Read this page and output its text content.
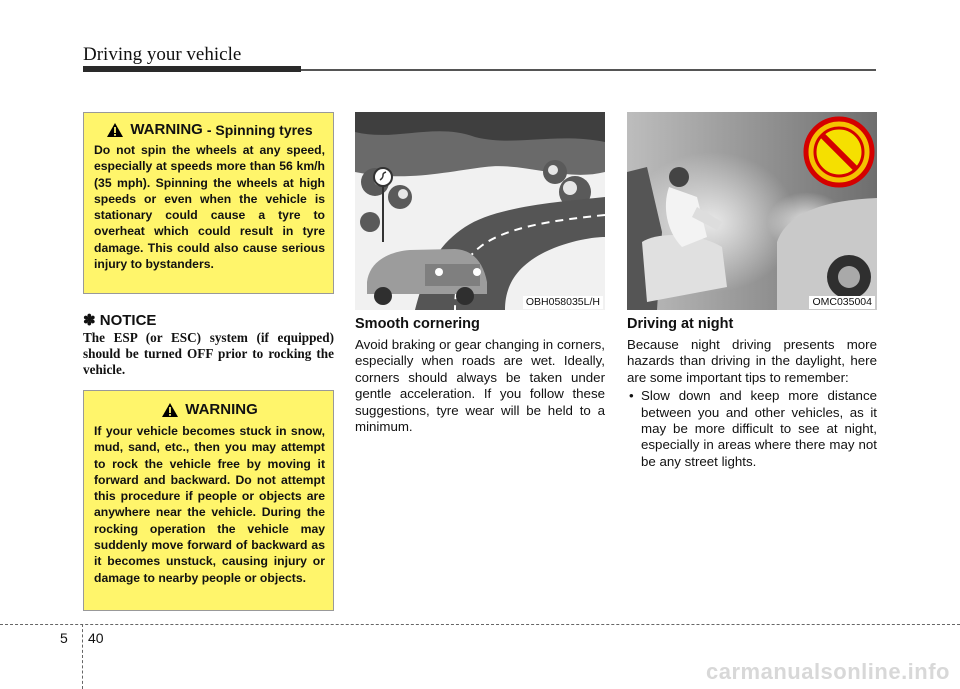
Driving your vehicle
WARNING - Spinning tyres
Do not spin the wheels at any speed, especially at speeds more than 56 km/h (35 mph). Spinning the wheels at high speeds or even when the vehicle is stationary could cause a tyre to overheat which could result in tyre damage. This could also cause serious injury to bystanders.
✽ NOTICE
The ESP (or ESC) system (if equipped) should be turned OFF prior to rocking the vehicle.
WARNING
If your vehicle becomes stuck in snow, mud, sand, etc., then you may attempt to rock the vehicle free by moving it forward and backward. Do not attempt this procedure if people or objects are anywhere near the vehicle. During the rocking operation the vehicle may suddenly move forward of backward as it becomes unstuck, causing injury or damage to nearby people or objects.
OBH058035L/H	OMC035004
Smooth cornering
Avoid braking or gear changing in corners, especially when roads are wet. Ideally, corners should always be taken under gentle acceleration. If you follow these suggestions, tyre wear will be held to a minimum.
Driving at night
Because night driving presents more hazards than driving in the daylight, here are some important tips to remember:
• Slow down and keep more distance between you and other vehicles, as it may be more difficult to see at night, especially in areas where there may not be any street lights.
5 40
carmanualsonline.info
